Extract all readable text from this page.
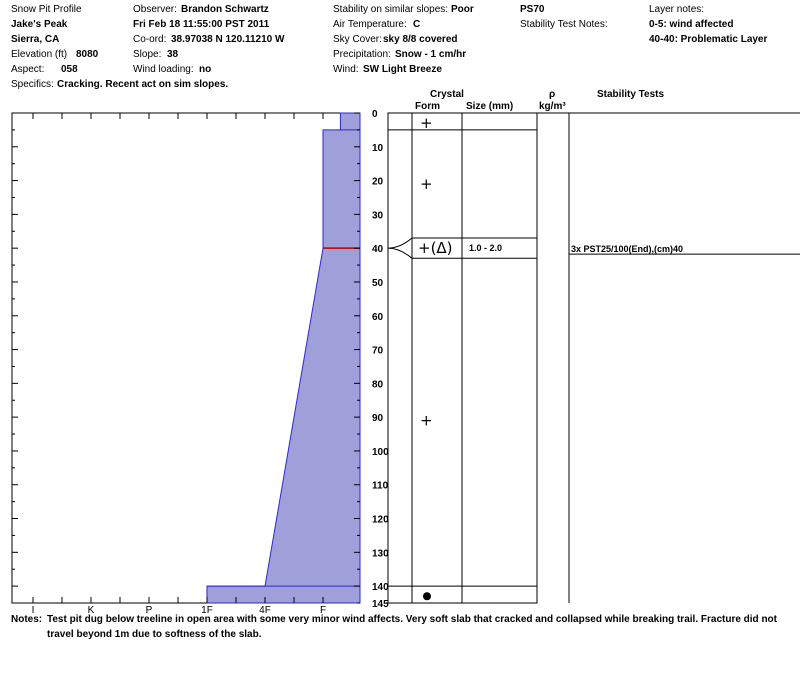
Snow Pit Profile
Jake's Peak
Sierra, CA
Elevation (ft) 8080
Aspect: 058
Specifics: Cracking. Recent act on sim slopes.
Observer: Brandon Schwartz
Fri Feb 18 11:55:00 PST 2011
Co-ord: 38.97038 N 120.11210 W
Slope: 38
Wind loading: no
Stability on similar slopes: Poor
Air Temperature: C
Sky Cover: sky 8/8 covered
Precipitation: Snow - 1 cm/hr
Wind: SW Light Breeze
PS70
Stability Test Notes:
Layer notes:
0-5: wind affected
40-40: Problematic Layer
Crystal
Form	Size (mm)
ρ
kg/m³
Stability Tests
I	K	P	1F	4F	F
0
10
20
30
40
50
60
70
80
90
100
110
120
130
140
145
+
+
+(Δ) 1.0 - 2.0
+
3x PST25/100(End),(cm)40
Notes: Test pit dug below treeline in open area with some very minor wind affects. Very soft slab that cracked and collapsed while breaking trail. Fracture did not
travel beyond 1m due to softness of the slab.
